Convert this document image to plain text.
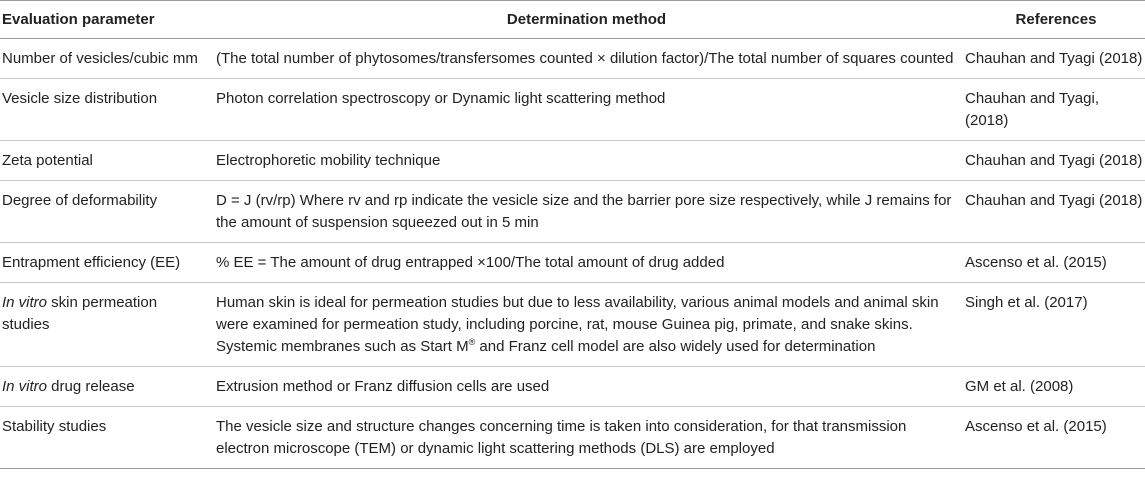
Evaluation parameter	Determination method	References
Number of vesicles/cubic mm	(The total number of phytosomes/transfersomes counted × dilution factor)/The total number of squares counted	Chauhan and Tyagi (2018)
Vesicle size distribution	Photon correlation spectroscopy or Dynamic light scattering method	Chauhan and Tyagi, (2018)
Zeta potential	Electrophoretic mobility technique	Chauhan and Tyagi (2018)
Degree of deformability	D = J (rv/rp) Where rv and rp indicate the vesicle size and the barrier pore size respectively, while J remains for the amount of suspension squeezed out in 5 min	Chauhan and Tyagi (2018)
Entrapment efficiency (EE)	% EE = The amount of drug entrapped ×100/The total amount of drug added	Ascenso et al. (2015)
In vitro skin permeation studies	Human skin is ideal for permeation studies but due to less availability, various animal models and animal skin were examined for permeation study, including porcine, rat, mouse Guinea pig, primate, and snake skins. Systemic membranes such as Start M® and Franz cell model are also widely used for determination	Singh et al. (2017)
In vitro drug release	Extrusion method or Franz diffusion cells are used	GM et al. (2008)
Stability studies	The vesicle size and structure changes concerning time is taken into consideration, for that transmission electron microscope (TEM) or dynamic light scattering methods (DLS) are employed	Ascenso et al. (2015)
